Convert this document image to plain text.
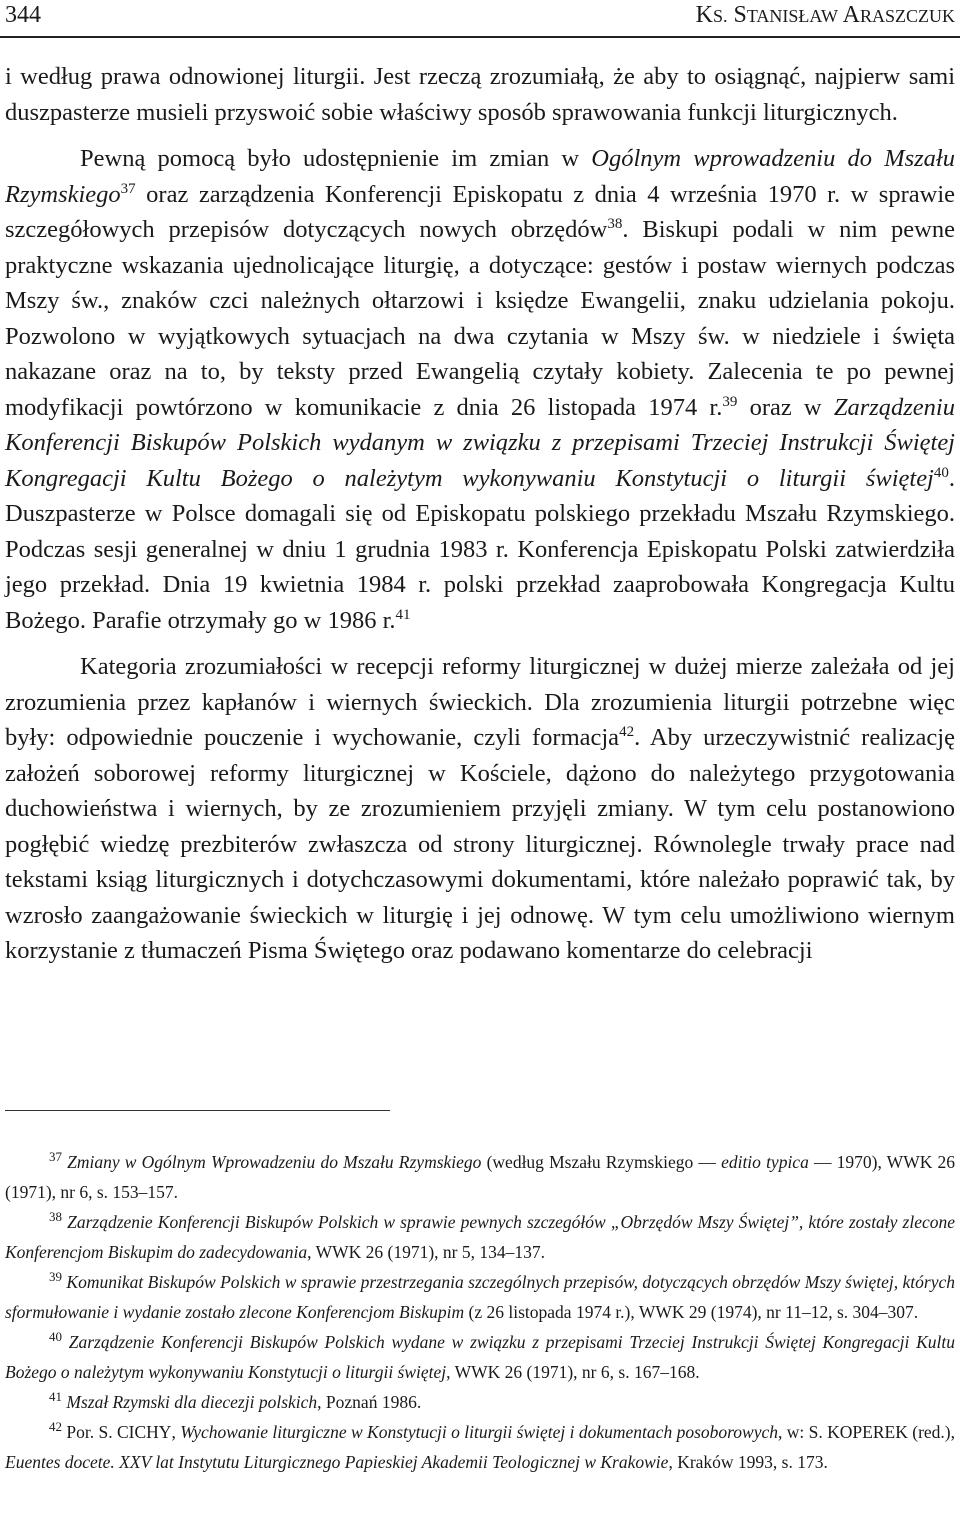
344	KS. STANISŁAW ARASZCZUK

i według prawa odnowionej liturgii. Jest rzeczą zrozumiałą, że aby to osiągnąć, najpierw sami duszpasterze musieli przyswoić sobie właściwy sposób sprawowania funkcji liturgicznych.

Pewną pomocą było udostępnienie im zmian w Ogólnym wprowadzeniu do Mszału Rzymskiego$^{37}$ oraz zarządzenia Konferencji Episkopatu z dnia 4 września 1970 r. w sprawie szczegółowych przepisów dotyczących nowych obrzędów$^{38}$. Biskupi podali w nim pewne praktyczne wskazania ujednolicające liturgię, a dotyczące: gestów i postaw wiernych podczas Mszy św., znaków czci należnych ołtarzowi i księdze Ewangelii, znaku udzielania pokoju. Pozwolono w wyjątkowych sytuacjach na dwa czytania w Mszy św. w niedziele i święta nakazane oraz na to, by teksty przed Ewangelią czytały kobiety. Zalecenia te po pewnej modyfikacji powtórzono w komunikacie z dnia 26 listopada 1974 r.$^{39}$ oraz w Zarządzeniu Konferencji Biskupów Polskich wydanym w związku z przepisami Trzeciej Instrukcji Świętej Kongregacji Kultu Bożego o należytym wykonywaniu Konstytucji o liturgii świętej$^{40}$. Duszpasterze w Polsce domagali się od Episkopatu polskiego przekładu Mszału Rzymskiego. Podczas sesji generalnej w dniu 1 grudnia 1983 r. Konferencja Episkopatu Polski zatwierdziła jego przekład. Dnia 19 kwietnia 1984 r. polski przekład zaaprobowała Kongregacja Kultu Bożego. Parafie otrzymały go w 1986 r.$^{41}$

Kategoria zrozumiałości w recepcji reformy liturgicznej w dużej mierze zależała od jej zrozumienia przez kapłanów i wiernych świeckich. Dla zrozumienia liturgii potrzebne więc były: odpowiednie pouczenie i wychowanie, czyli formacja$^{42}$. Aby urzeczywistnić realizację założeń soborowej reformy liturgicznej w Kościele, dążono do należytego przygotowania duchowieństwa i wiernych, by ze zrozumieniem przyjęli zmiany. W tym celu postanowiono pogłębić wiedzę prezbiterów zwłaszcza od strony liturgicznej. Równolegle trwały prace nad tekstami ksiąg liturgicznych i dotychczasowymi dokumentami, które należało poprawić tak, by wzrosło zaangażowanie świeckich w liturgię i jej odnowę. W tym celu umożliwiono wiernym korzystanie z tłumaczeń Pisma Świętego oraz podawano komentarze do celebracji

$^{37}$ Zmiany w Ogólnym Wprowadzeniu do Mszału Rzymskiego (według Mszału Rzymskiego — editio typica — 1970), WWK 26 (1971), nr 6, s. 153–157.

$^{38}$ Zarządzenie Konferencji Biskupów Polskich w sprawie pewnych szczegółów „Obrzędów Mszy Świętej”, które zostały zlecone Konferencjom Biskupim do zadecydowania, WWK 26 (1971), nr 5, 134–137.

$^{39}$ Komunikat Biskupów Polskich w sprawie przestrzegania szczególnych przepisów, dotyczących obrzędów Mszy świętej, których sformułowanie i wydanie zostało zlecone Konferencjom Biskupim (z 26 listopada 1974 r.), WWK 29 (1974), nr 11–12, s. 304–307.

$^{40}$ Zarządzenie Konferencji Biskupów Polskich wydane w związku z przepisami Trzeciej Instrukcji Świętej Kongregacji Kultu Bożego o należytym wykonywaniu Konstytucji o liturgii świętej, WWK 26 (1971), nr 6, s. 167–168.

$^{41}$ Mszał Rzymski dla diecezji polskich, Poznań 1986.

$^{42}$ Por. S. CICHY, Wychowanie liturgiczne w Konstytucji o liturgii świętej i dokumentach posoborowych, w: S. KOPEREK (red.), Euentes docete. XXV lat Instytutu Liturgicznego Papieskiej Akademii Teologicznej w Krakowie, Kraków 1993, s. 173.
